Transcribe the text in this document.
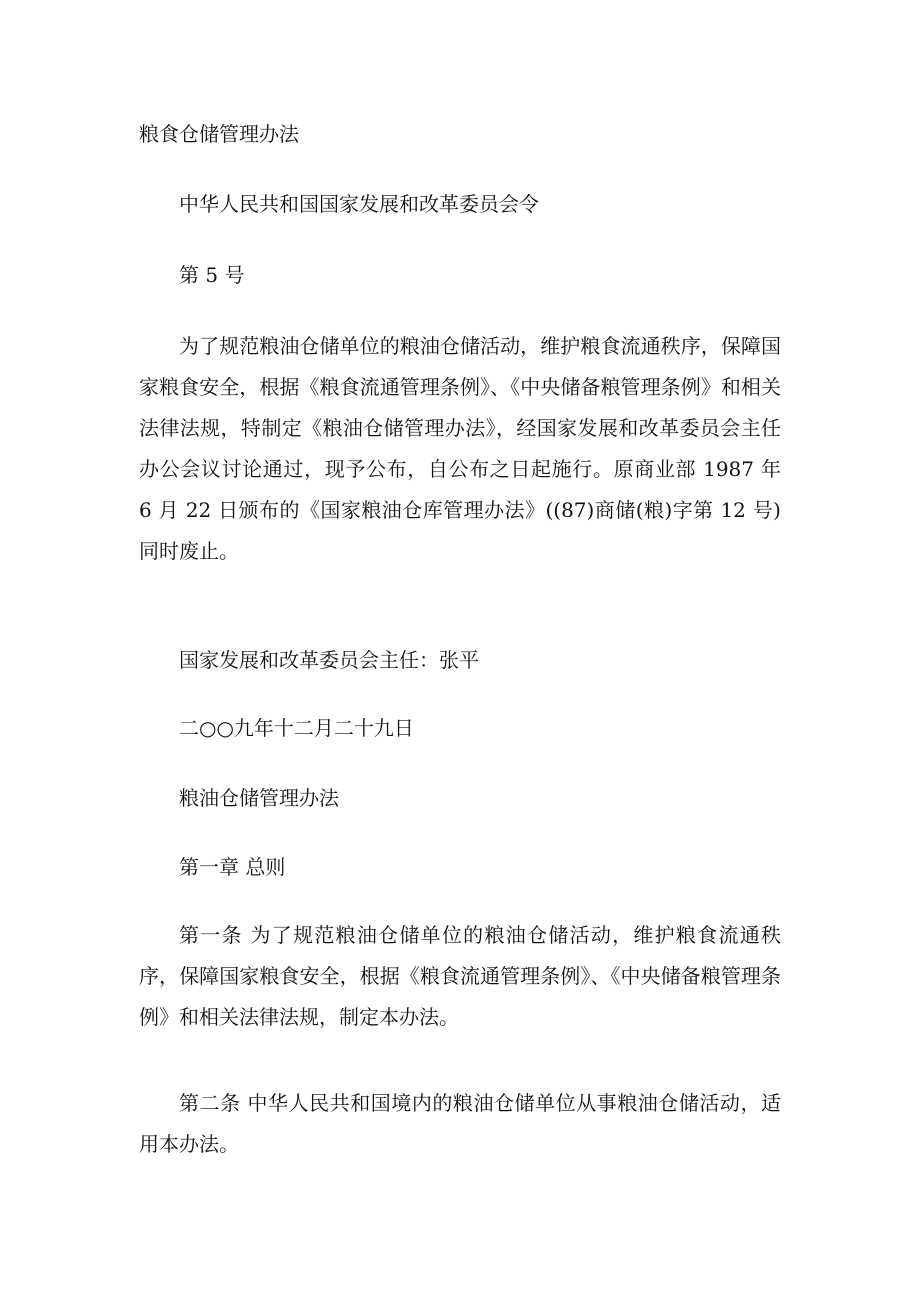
粮食仓储管理办法
中华人民共和国国家发展和改革委员会令
第 5 号
为了规范粮油仓储单位的粮油仓储活动，维护粮食流通秩序，保障国家粮食安全，根据《粮食流通管理条例》、《中央储备粮管理条例》和相关法律法规，特制定《粮油仓储管理办法》，经国家发展和改革委员会主任办公会议讨论通过，现予公布，自公布之日起施行。原商业部 1987 年 6 月 22 日颁布的《国家粮油仓库管理办法》((87)商储(粮)字第 12 号)同时废止。
国家发展和改革委员会主任：张平
二○○九年十二月二十九日
粮油仓储管理办法
第一章 总则
第一条 为了规范粮油仓储单位的粮油仓储活动，维护粮食流通秩序，保障国家粮食安全，根据《粮食流通管理条例》、《中央储备粮管理条例》和相关法律法规，制定本办法。
第二条 中华人民共和国境内的粮油仓储单位从事粮油仓储活动，适用本办法。
